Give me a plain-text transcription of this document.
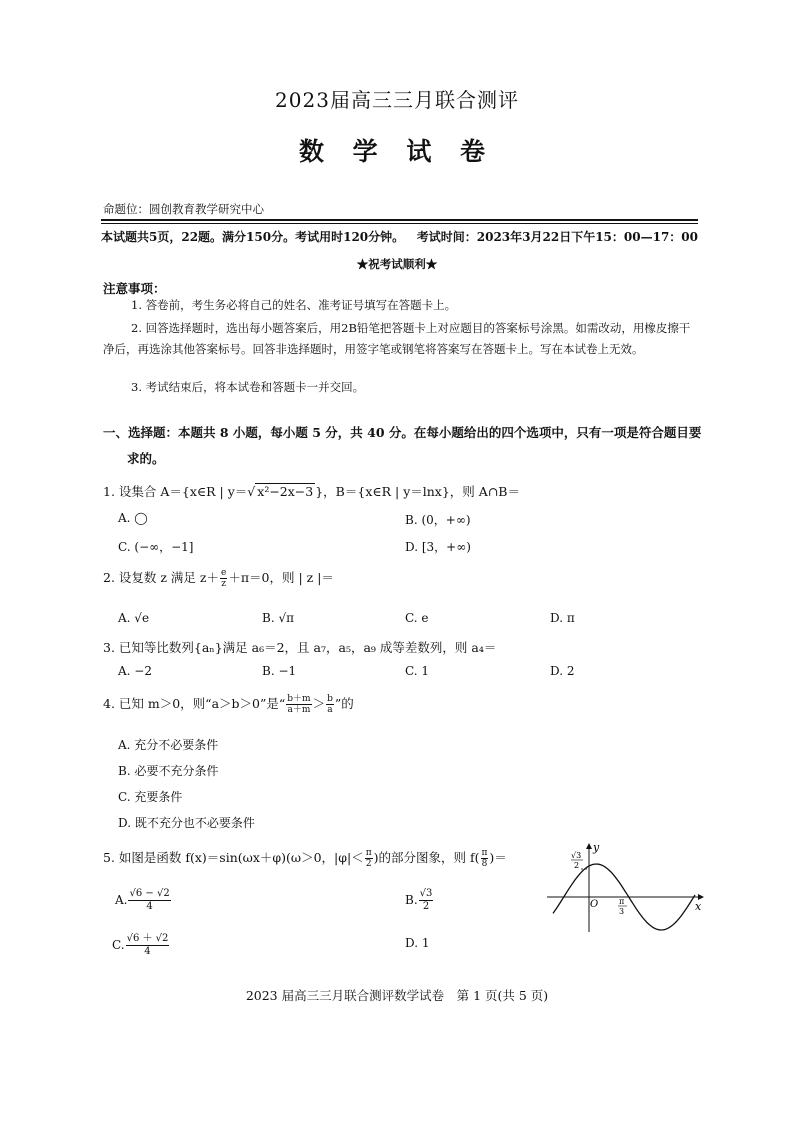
2023届高三三月联合测评
数 学 试 卷
命题位：圆创教育教学研究中心
本试题共5页，22题。满分150分。考试用时120分钟。 考试时间：2023年3月22日下午15：00—17：00
★祝考试顺利★
注意事项：
1. 答卷前，考生务必将自己的姓名、准考证号填写在答题卡上。
2. 回答选择题时，选出每小题答案后，用2B铅笔把答题卡上对应题目的答案标号涂黑。如需改动，用橡皮擦干净后，再选涂其他答案标号。回答非选择题时，用签字笔或钢笔将答案写在答题卡上。写在本试卷上无效。
3. 考试结束后，将本试卷和答题卡一并交回。
一、选择题：本题共 8 小题，每小题 5 分，共 40 分。在每小题给出的四个选项中，只有一项是符合题目要
求的。
1. 设集合 A＝{x∈R | y＝√ x²−2x−3 }，B＝{x∈R | y＝lnx}，则 A∩B＝
A. ◯	B. (0，+∞)
C. (−∞，−1]	D. [3，+∞)
2. 设复数 z 满足 $z+ \frac{e}{z} +\pi=0$，则 | z |＝
A. √e	B. √π	C. e	D. π
3. 已知等比数列{aₙ}满足 a₆＝2，且 a₇，a₅，a₉ 成等差数列，则 a₄＝
A. −2	B. −1	C. 1	D. 2
4. 已知 m＞0，则“a＞b＞0”是“ $\frac{b+m}{a+m} > \frac{b}{a}$ ”的
A. 充分不必要条件
B. 必要不充分条件
C. 充要条件
D. 既不充分也不必要条件
5. 如图是函数 f(x)＝sin(ωx＋φ)(ω＞0，$|\varphi|< \frac{\pi}{2}$ )的部分图象，则 $f( \frac{\pi}{8}$ )＝
A. $\frac{√6 - √2}{4}$	B. $\frac{√3}{2}$
C. $\frac{√6 + √2}{4}$	D. 1
x
y
O
√3
2
π
3
2023 届高三三月联合测评数学试卷　第 1 页(共 5 页)
